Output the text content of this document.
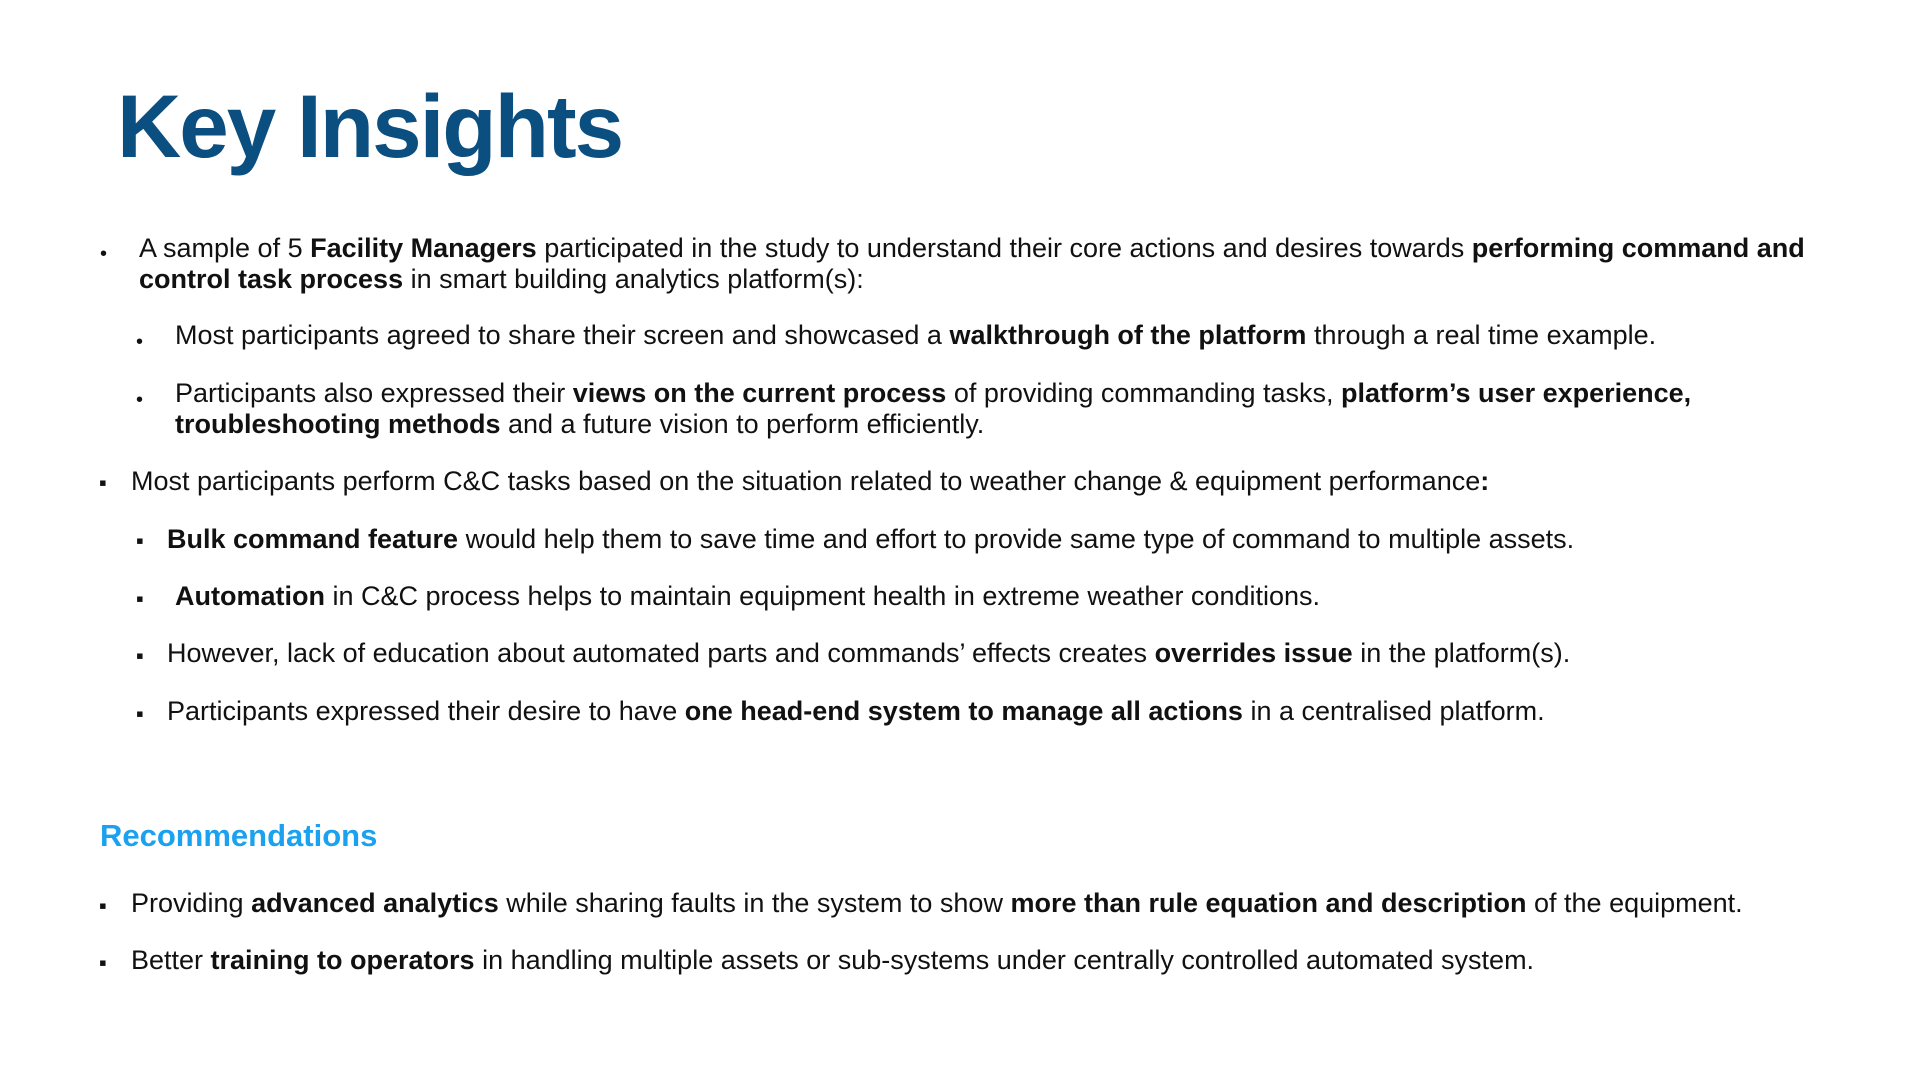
Key Insights
• A sample of 5 Facility Managers participated in the study to understand their core actions and desires towards performing command and control task process in smart building analytics platform(s):

• Most participants agreed to share their screen and showcased a walkthrough of the platform through a real time example.

• Participants also expressed their views on the current process of providing commanding tasks, platform’s user experience, troubleshooting methods and a future vision to perform efficiently.

▪ Most participants perform C&C tasks based on the situation related to weather change & equipment performance:

▪ Bulk command feature would help them to save time and effort to provide same type of command to multiple assets.

▪ Automation in C&C process helps to maintain equipment health in extreme weather conditions.

▪ However, lack of education about automated parts and commands’ effects creates overrides issue in the platform(s).

▪ Participants expressed their desire to have one head-end system to manage all actions in a centralised platform.

Recommendations
▪ Providing advanced analytics while sharing faults in the system to show more than rule equation and description of the equipment.

▪ Better training to operators in handling multiple assets or sub-systems under centrally controlled automated system.
